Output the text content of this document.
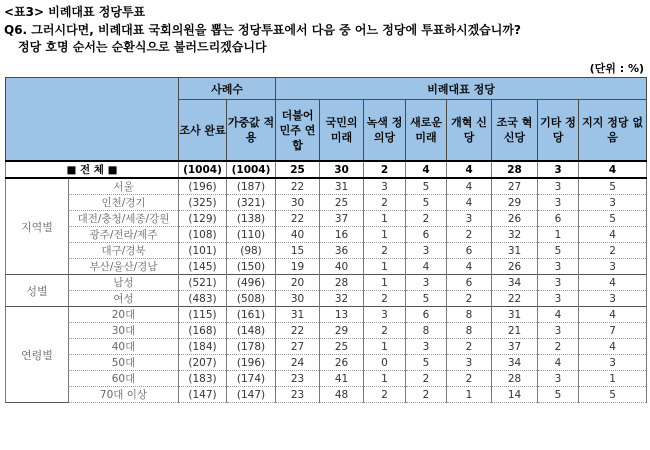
<표3> 비례대표 정당투표
Q6. 그러시다면, 비례대표 국회의원을 뽑는 정당투표에서 다음 중 어느 정당에 투표하시겠습니까?
정당 호명 순서는 순환식으로 불러드리겠습니다
(단위 : %)
		사례수		비례대표 정당							
		조사 완료	가중값 적용	더불어 민주 연합	국민의 미래	녹색 정의당	새로운 미래	개혁 신당	조국 혁신당	기타 정당	지지 정당 없음
■ 전 체 ■		(1004)	(1004)	25	30	2	4	4	28	3	4
지역별	서울	(196)	(187)	22	31	3	5	4	27	3	5
	인천/경기	(325)	(321)	30	25	2	5	4	29	3	3
	대전/충청/세종/강원	(129)	(138)	22	37	1	2	3	26	6	5
	광주/전라/제주	(108)	(110)	40	16	1	6	2	32	1	4
	대구/경북	(101)	(98)	15	36	2	3	6	31	5	2
	부산/울산/경남	(145)	(150)	19	40	1	4	4	26	3	3
성별	남성	(521)	(496)	20	28	1	3	6	34	3	4
	여성	(483)	(508)	30	32	2	5	2	22	3	3
연령별	20대	(115)	(161)	31	13	3	6	8	31	4	4
	30대	(168)	(148)	22	29	2	8	8	21	3	7
	40대	(184)	(178)	27	25	1	3	2	37	2	4
	50대	(207)	(196)	24	26	0	5	3	34	4	3
	60대	(183)	(174)	23	41	1	2	2	28	3	1
	70대 이상	(147)	(147)	23	48	2	2	1	14	5	5
